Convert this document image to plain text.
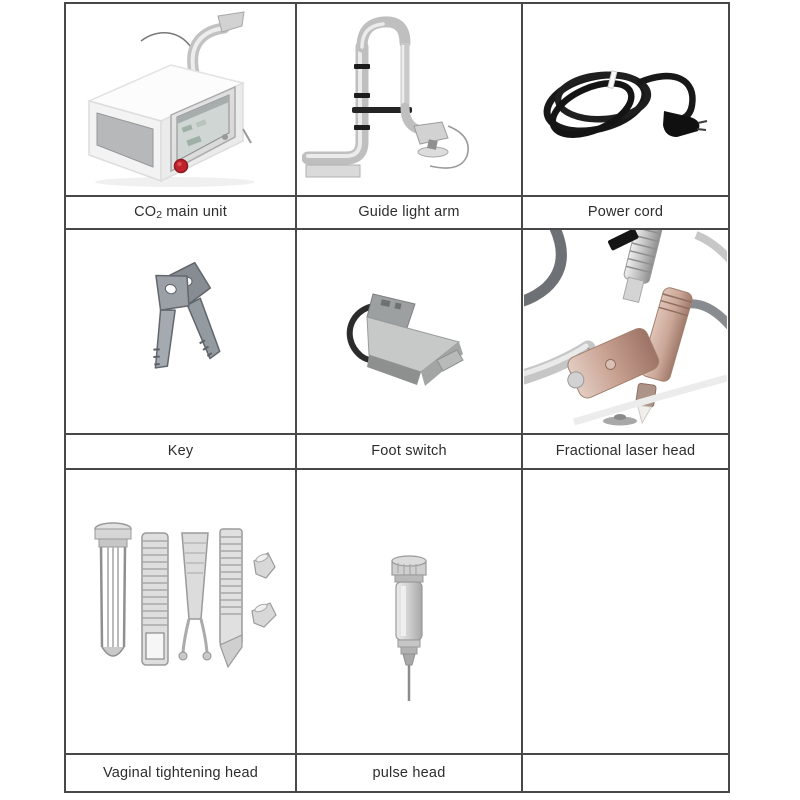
CO2 main unit	Guide light arm	Power cord
Key	Foot switch	Fractional laser head
Vaginal tightening head	pulse head
